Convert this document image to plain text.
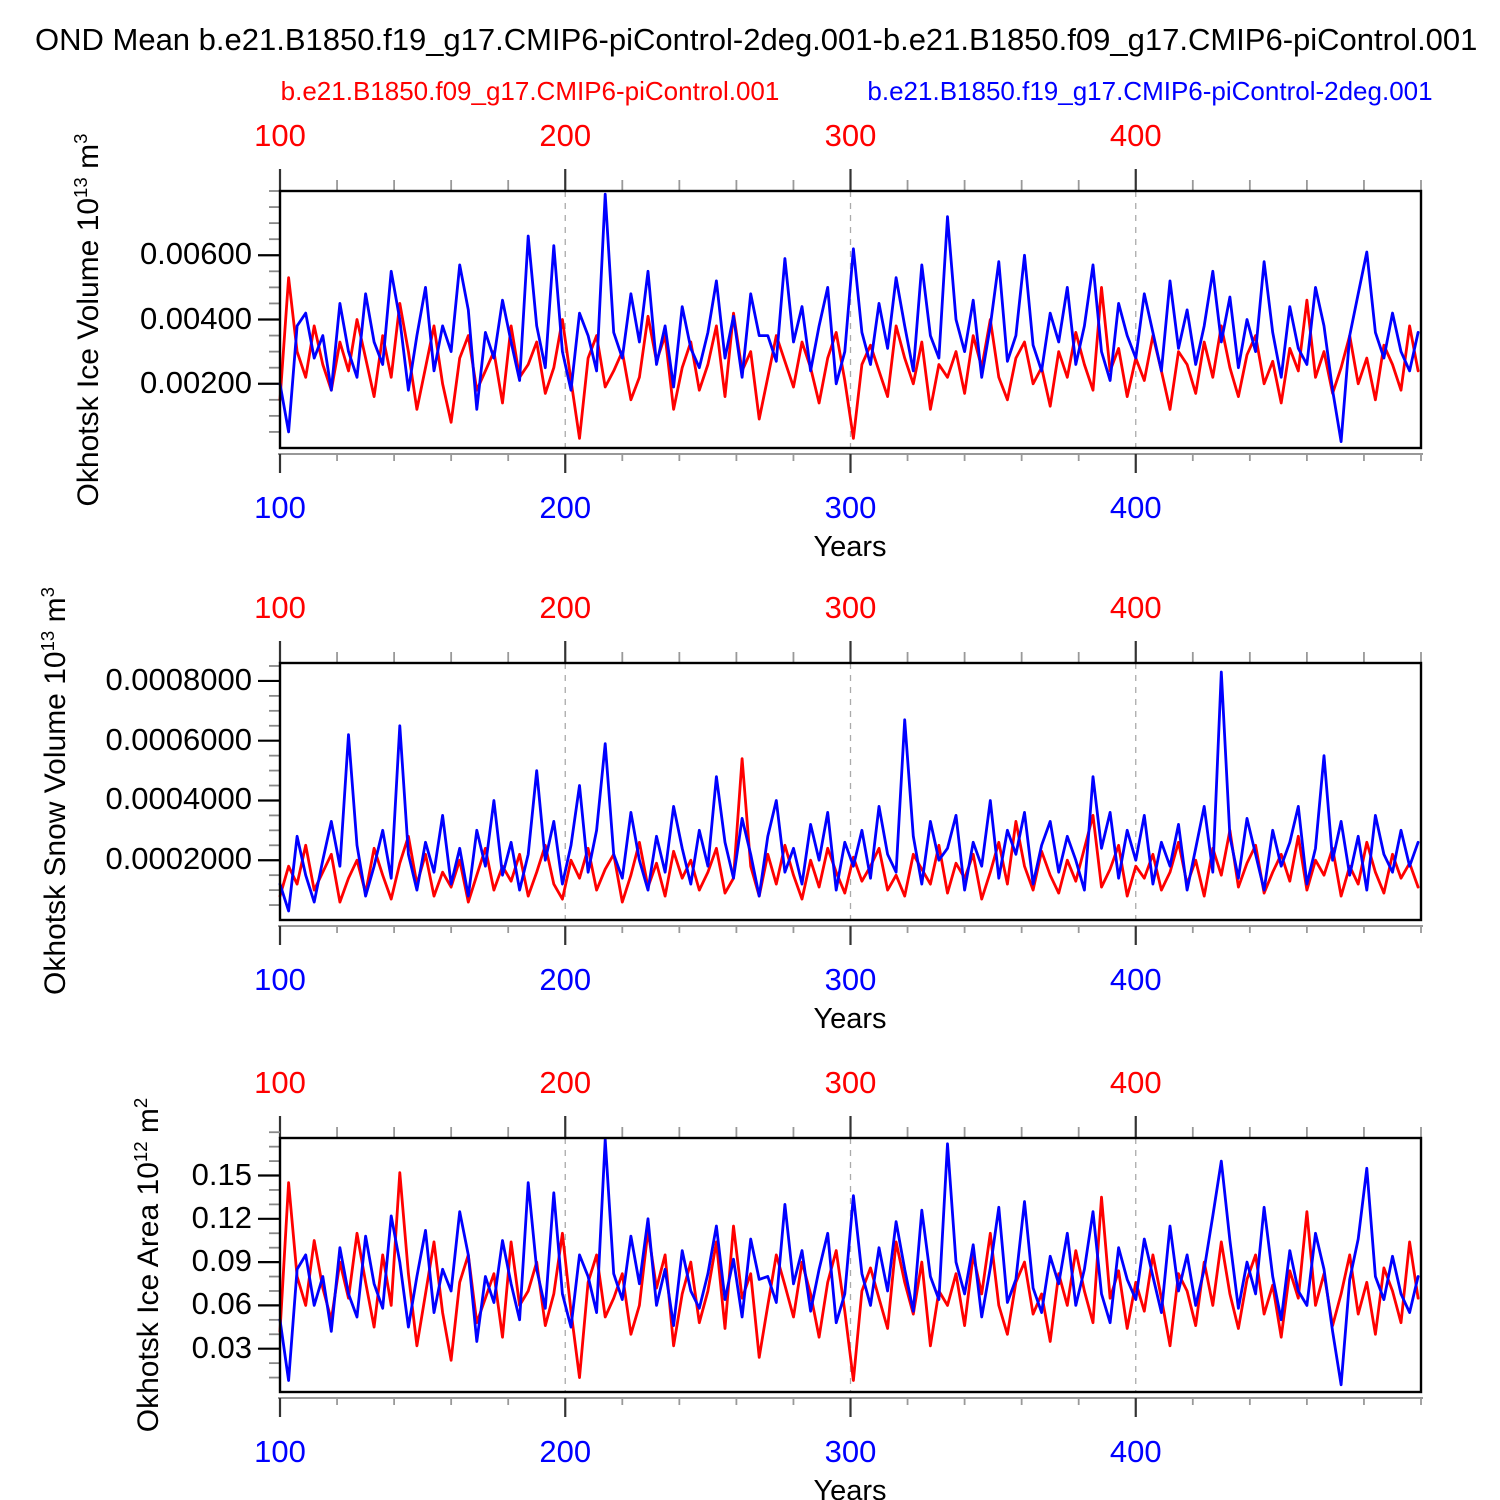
OND Mean b.e21.B1850.f19_g17.CMIP6-piControl-2deg.001-b.e21.B1850.f09_g17.CMIP6-piControl.001
b.e21.B1850.f09_g17.CMIP6-piControl.001	b.e21.B1850.f19_g17.CMIP6-piControl-2deg.001
Okhotsk Ice Volume $10^{13}$ $m^3$
Okhotsk Snow Volume $10^{13}$ $m^3$
Okhotsk Ice Area $10^{12}$ $m^2$
Years
Years
Years
100
100
200
200
300
300
400
400
0.00600
0.00400
0.00200
100
100
200
200
300
300
400
400
0.0008000
0.0006000
0.0004000
0.0002000
100
100
200
200
300
300
400
400
0.15
0.12
0.09
0.06
0.03
